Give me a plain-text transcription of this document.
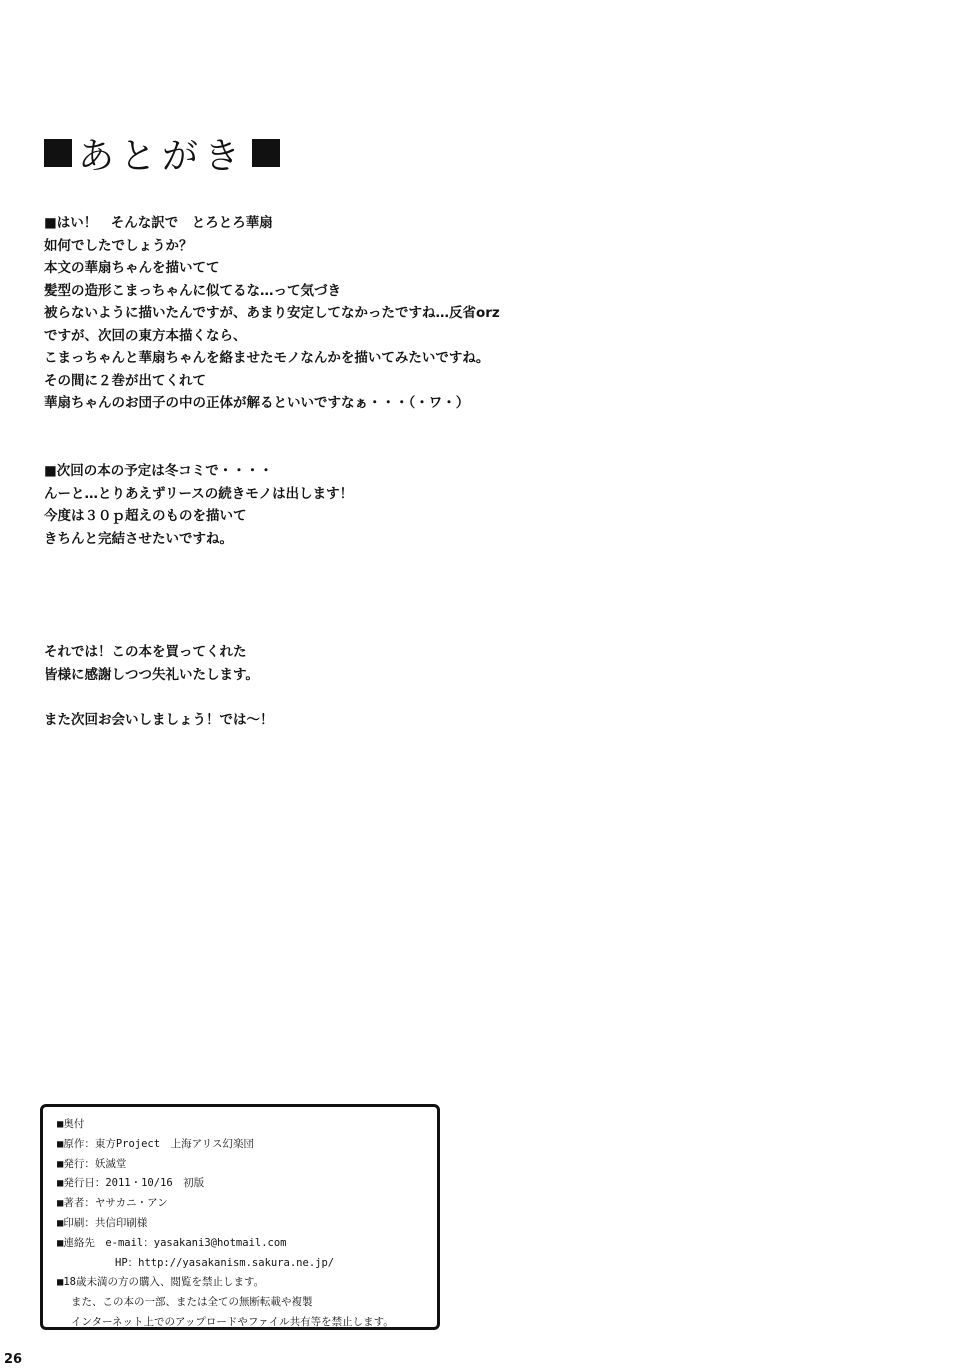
あとがき
■はい！　そんな訳で　とろとろ華扇
如何でしたでしょうか？
本文の華扇ちゃんを描いてて
髪型の造形こまっちゃんに似てるな…って気づき
被らないように描いたんですが、あまり安定してなかったですね…反省orz
ですが、次回の東方本描くなら、
こまっちゃんと華扇ちゃんを絡ませたモノなんかを描いてみたいですね。
その間に２巻が出てくれて
華扇ちゃんのお団子の中の正体が解るといいですなぁ・・・（・ワ・）
■次回の本の予定は冬コミで・・・・
んーと…とりあえずリースの続きモノは出します！
今度は３０ｐ超えのものを描いて
きちんと完結させたいですね。
それでは！この本を買ってくれた
皆様に感謝しつつ失礼いたします。
また次回お会いしましょう！では～！
■奥付
■原作：東方Project　上海アリス幻楽団
■発行：妖滅堂
■発行日：2011・10/16　初版
■著者：ヤサカニ・アン
■印刷：共信印刷様
■連絡先　e-mail：yasakani3@hotmail.com
HP：http://yasakanism.sakura.ne.jp/
■18歳未満の方の購入、閲覧を禁止します。
また、この本の一部、または全ての無断転載や複製
インターネット上でのアップロードやファイル共有等を禁止します。
26
